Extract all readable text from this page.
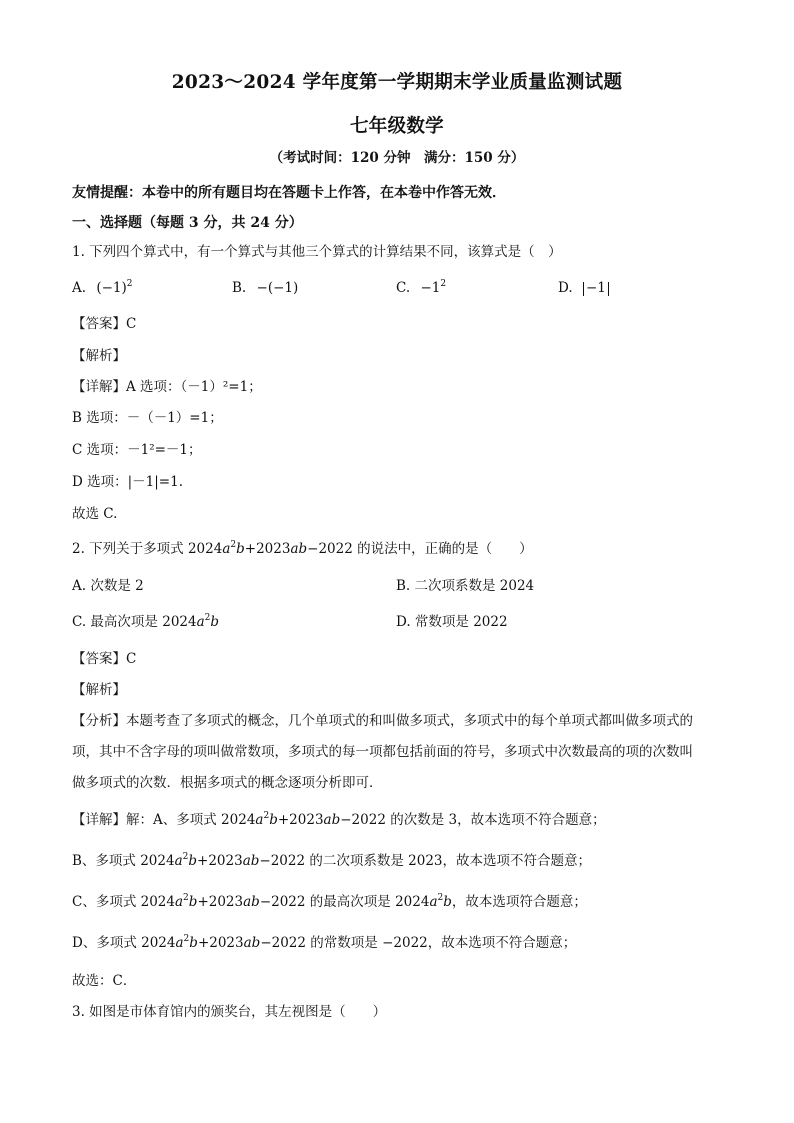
2023～2024 学年度第一学期期末学业质量监测试题
七年级数学
（考试时间：120 分钟　满分：150 分）
友情提醒：本卷中的所有题目均在答题卡上作答，在本卷中作答无效．
一、选择题（每题 3 分，共 24 分）
1. 下列四个算式中，有一个算式与其他三个算式的计算结果不同，该算式是（　）
A. $(-1)^2$	B. −(−1)	C. $-1^2$	D. −1
【答案】C
【解析】
【详解】A 选项：（－1）²=1；
B 选项：－（－1）=1；
C 选项：－1²=－1；
D 选项：|－1|=1.
故选 C.
2. 下列关于多项式 $2024a^2b+2023ab-2022$ 的说法中，正确的是（　　）
A. 次数是 2	B. 二次项系数是 2024
C. 最高次项是 $2024a^2b$	D. 常数项是 2022
【答案】C
【解析】
【分析】本题考查了多项式的概念，几个单项式的和叫做多项式，多项式中的每个单项式都叫做多项式的
项，其中不含字母的项叫做常数项，多项式的每一项都包括前面的符号，多项式中次数最高的项的次数叫
做多项式的次数．根据多项式的概念逐项分析即可．
【详解】解：A、多项式 $2024a^2b+2023ab-2022$ 的次数是 3，故本选项不符合题意；
B、多项式 $2024a^2b+2023ab-2022$ 的二次项系数是 2023，故本选项不符合题意；
C、多项式 $2024a^2b+2023ab-2022$ 的最高次项是 $2024a^2b$，故本选项符合题意；
D、多项式 $2024a^2b+2023ab-2022$ 的常数项是 −2022，故本选项不符合题意；
故选：C．
3. 如图是市体育馆内的颁奖台，其左视图是（　　）
